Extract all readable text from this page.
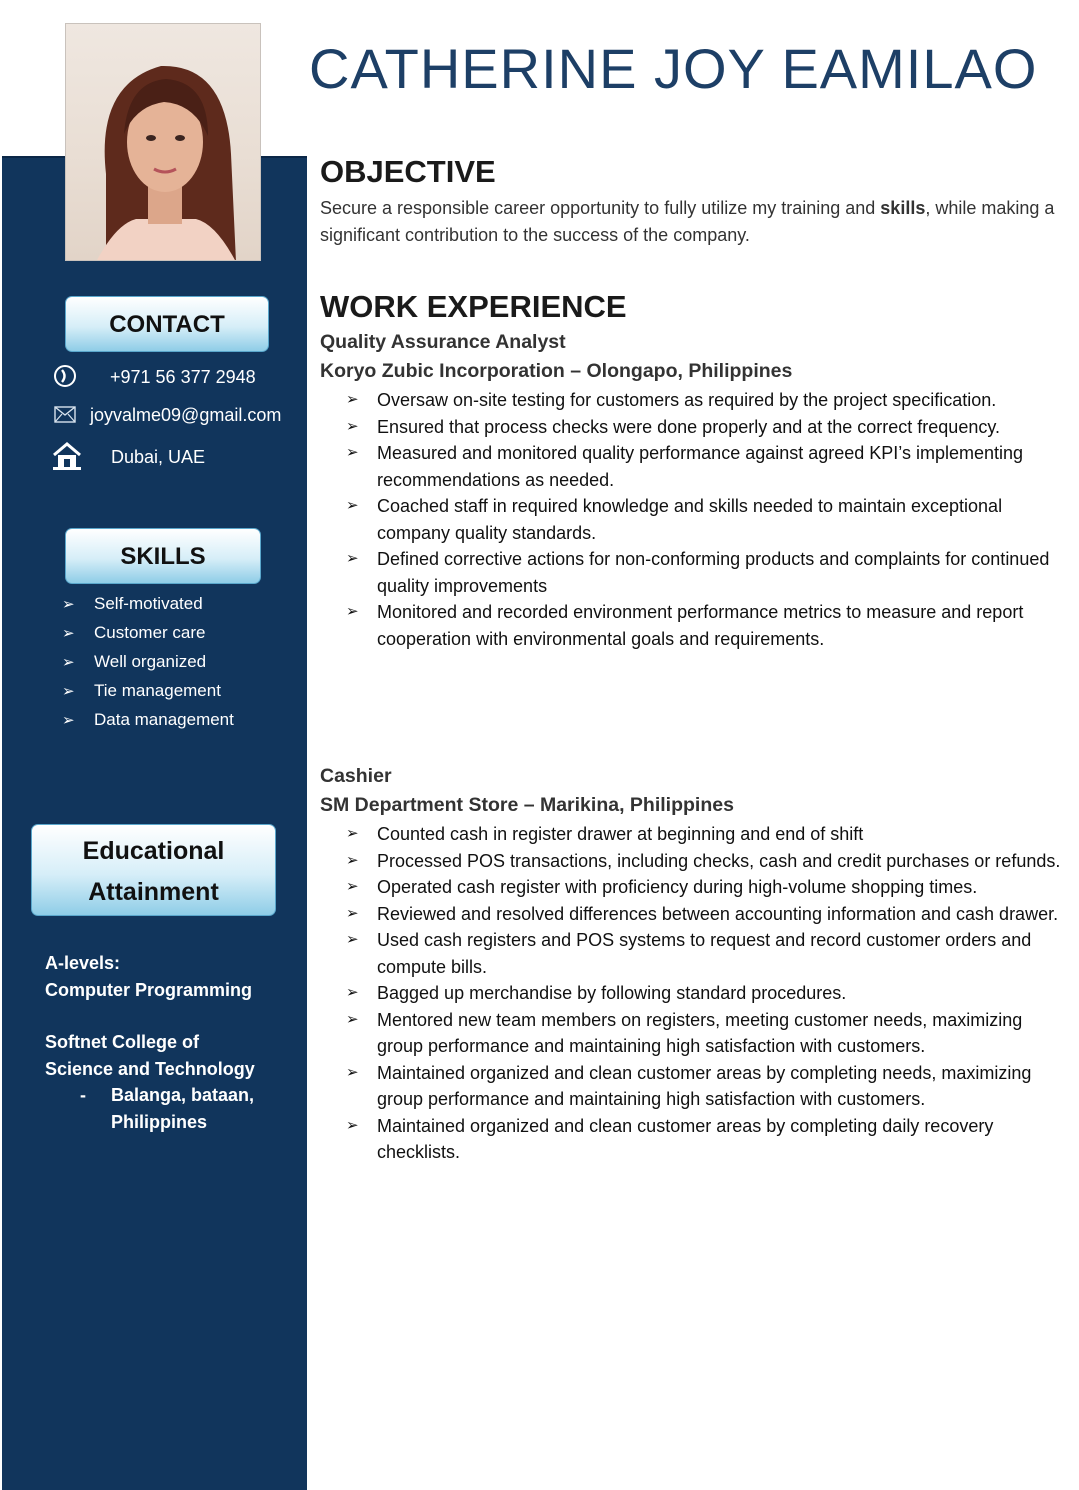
CATHERINE JOY EAMILAO
CONTACT
+971 56 377 2948
joyvalme09@gmail.com
Dubai, UAE
SKILLS
➢ Self-motivated
➢ Customer care
➢ Well organized
➢ Tie management
➢ Data management
Educational
Attainment
A-levels:
Computer Programming
Softnet College of
Science and Technology
- Balanga, bataan,
Philippines
OBJECTIVE

Secure a responsible career opportunity to fully utilize my training and skills, while making a significant contribution to the success of the company.

WORK EXPERIENCE
Quality Assurance Analyst
Koryo Zubic Incorporation – Olongapo, Philippines
➢ Oversaw on-site testing for customers as required by the project specification.
➢ Ensured that process checks were done properly and at the correct frequency.
➢ Measured and monitored quality performance against agreed KPI’s implementing recommendations as needed.
➢ Coached staff in required knowledge and skills needed to maintain exceptional company quality standards.
➢ Defined corrective actions for non-conforming products and complaints for continued quality improvements
➢ Monitored and recorded environment performance metrics to measure and report cooperation with environmental goals and requirements.
Cashier
SM Department Store – Marikina, Philippines
➢ Counted cash in register drawer at beginning and end of shift
➢ Processed POS transactions, including checks, cash and credit purchases or refunds.
➢ Operated cash register with proficiency during high-volume shopping times.
➢ Reviewed and resolved differences between accounting information and cash drawer.
➢ Used cash registers and POS systems to request and record customer orders and compute bills.
➢ Bagged up merchandise by following standard procedures.
➢ Mentored new team members on registers, meeting customer needs, maximizing group performance and maintaining high satisfaction with customers.
➢ Maintained organized and clean customer areas by completing needs, maximizing group performance and maintaining high satisfaction with customers.
➢ Maintained organized and clean customer areas by completing daily recovery checklists.
